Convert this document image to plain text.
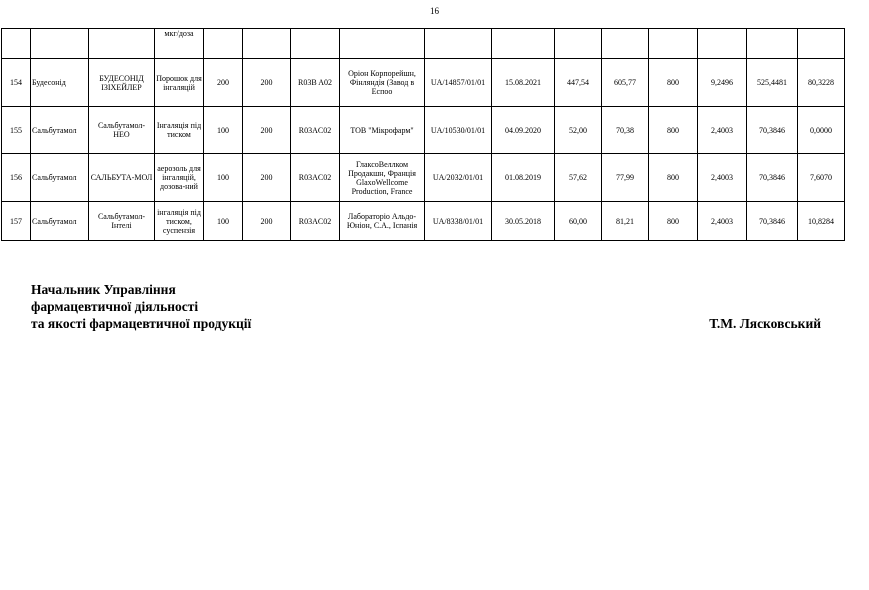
16
			мкг/доза												
154	Будесонід	БУДЕСОНІД ІЗІХЕЙЛЕР	Порошок для інгаляцій	200	200	R03B A02	Оріон Корпорейшн, Фінляндія (Завод в Еспоо	UA/14857/01/01	15.08.2021	447,54	605,77	800	9,2496	525,4481	80,3228
155	Сальбутамол	Сальбутамол-НЕО	Інгаляція під тиском	100	200	R03AC02	ТОВ "Мікрофарм"	UA/10530/01/01	04.09.2020	52,00	70,38	800	2,4003	70,3846	0,0000
156	Сальбутамол	САЛЬБУТА-МОЛ	аерозоль для інгаляцій, дозова-ний	100	200	R03AC02	ГлаксоВеллком Продакшн, Франція GlaxoWellcome Production, France	UA/2032/01/01	01.08.2019	57,62	77,99	800	2,4003	70,3846	7,6070
157	Сальбутамол	Сальбутамол-Інтелі	інгаляція під тиском, суспензія	100	200	R03AC02	Лабораторіо Альдо-Юніон, С.А., Іспанія	UA/8338/01/01	30.05.2018	60,00	81,21	800	2,4003	70,3846	10,8284
Начальник Управління
фармацевтичної діяльності
та якості фармацевтичної продукції	Т.М. Лясковський
